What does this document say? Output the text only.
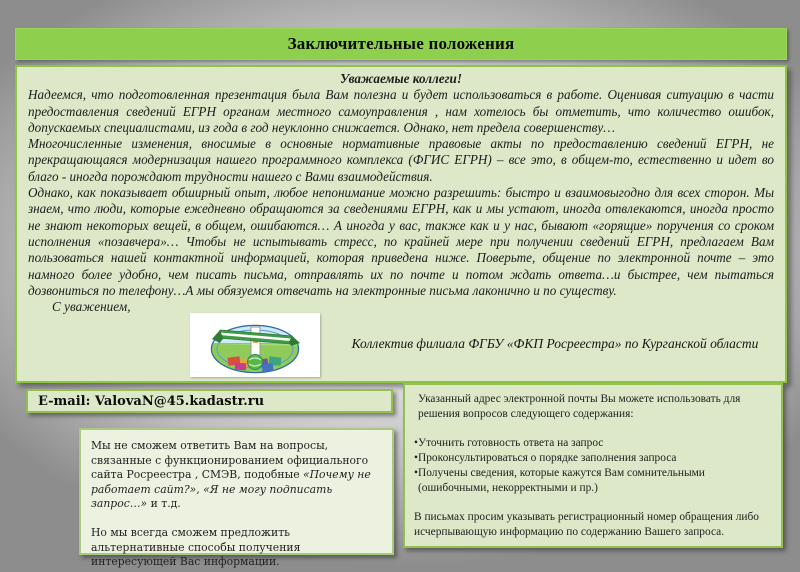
Заключительные положения

Уважаемые коллеги!

Надеемся, что подготовленная презентация была Вам полезна и будет использоваться в работе. Оценивая ситуацию в части предоставления сведений ЕГРН органам местного самоуправления , нам хотелось бы отметить, что количество ошибок, допускаемых специалистами, из года в год неуклонно снижается. Однако, нет предела совершенству…

Многочисленные изменения, вносимые в основные нормативные правовые акты по предоставлению сведений ЕГРН, не прекращающаяся модернизация нашего программного комплекса (ФГИС ЕГРН) – все это, в общем-то, естественно и идет во благо - иногда порождают трудности нашего с Вами взаимодействия.

Однако, как показывает обширный опыт, любое непонимание можно разрешить: быстро и взаимовыгодно для всех сторон. Мы знаем, что люди, которые ежедневно обращаются за сведениями ЕГРН, как и мы устают, иногда отвлекаются, иногда просто не знают некоторых вещей, в общем, ошибаются… А иногда у вас, также как и у нас, бывают «горящие» поручения со сроком исполнения «позавчера»… Чтобы не испытывать стресс, по крайней мере при получении сведений ЕГРН, предлагаем Вам пользоваться нашей контактной информацией, которая приведена ниже. Поверьте, общение по электронной почте – это намного более удобно, чем писать письма, отправлять их по почте и потом ждать ответа…и быстрее, чем пытаться дозвониться по телефону…А мы обязуемся отвечать на электронные письма лаконично и по существу.

С уважением,

Коллектив филиала ФГБУ «ФКП Росреестра» по Курганской области
E-mail: ValovaN@45.kadastr.ru

Мы не сможем ответить Вам на вопросы, связанные с функционированием официального сайта Росреестра , СМЭВ, подобные «Почему не работает сайт?», «Я не могу подписать запрос…» и т.д.

Но мы всегда сможем предложить альтернативные способы получения интересующей Вас информации.

Указанный адрес электронной почты Вы можете использовать для решения вопросов следующего содержания:

• Уточнить готовность ответа на запрос

• Проконсультироваться о порядке заполнения запроса

• Получены сведения, которые кажутся Вам сомнительными (ошибочными, некорректными и пр.)

В письмах просим указывать регистрационный номер обращения либо исчерпывающую информацию по содержанию Вашего запроса.
